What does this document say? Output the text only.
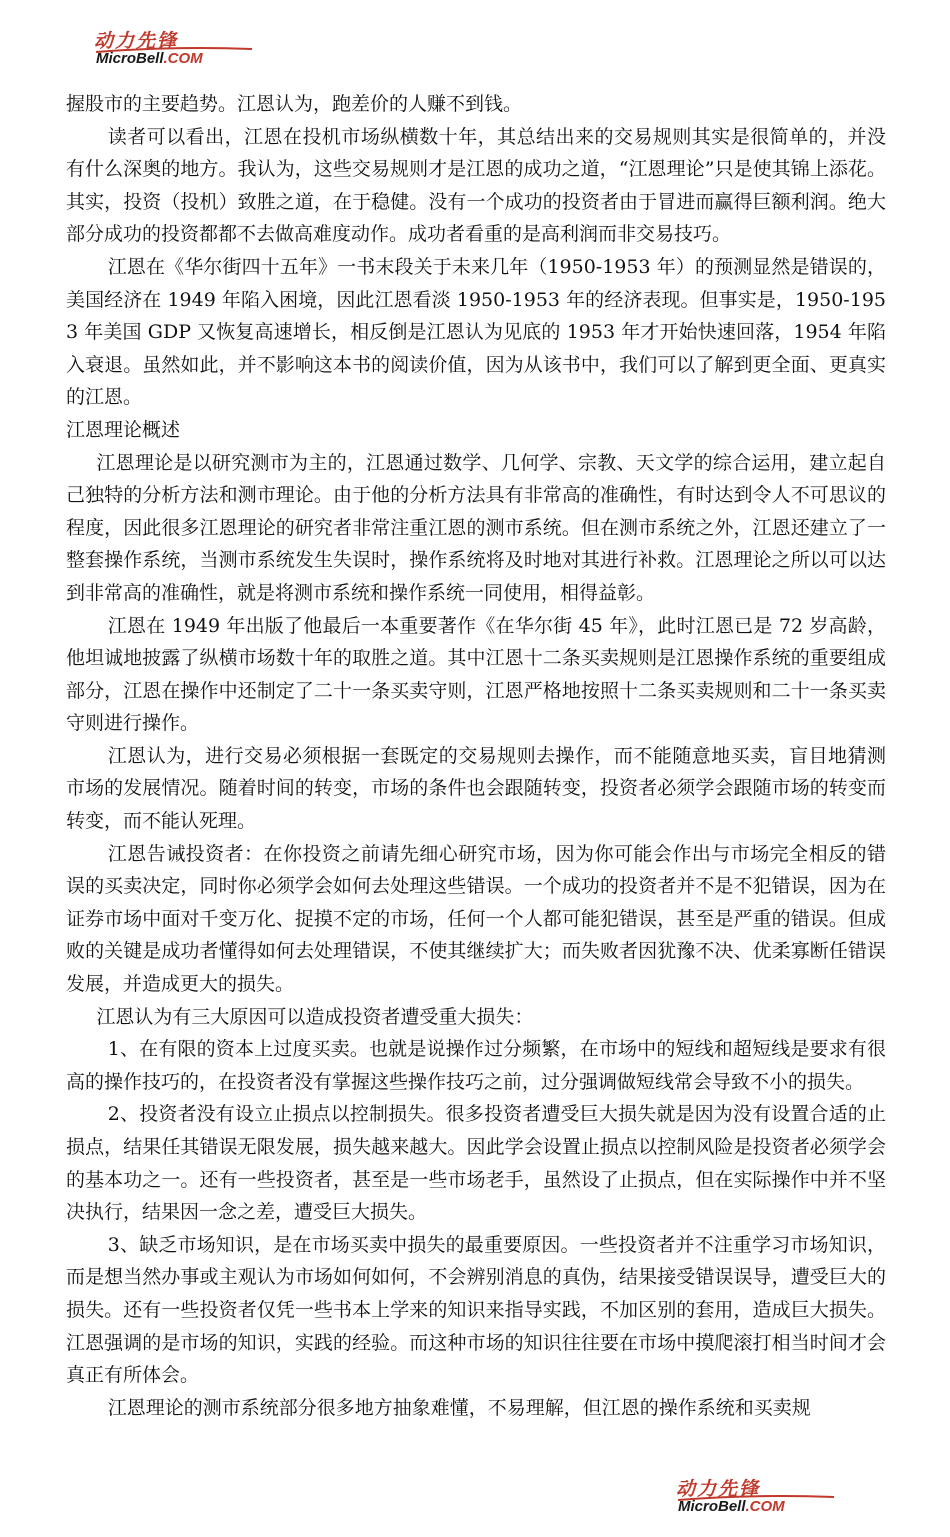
动力先锋
MicroBell.COM

握股市的主要趋势。江恩认为，跑差价的人赚不到钱。

读者可以看出，江恩在投机市场纵横数十年，其总结出来的交易规则其实是很简单的，并没有什么深奥的地方。我认为，这些交易规则才是江恩的成功之道，“江恩理论”只是使其锦上添花。其实，投资（投机）致胜之道，在于稳健。没有一个成功的投资者由于冒进而赢得巨额利润。绝大部分成功的投资都都不去做高难度动作。成功者看重的是高利润而非交易技巧。

江恩在《华尔街四十五年》一书末段关于未来几年（1950-1953 年）的预测显然是错误的，美国经济在 1949 年陷入困境，因此江恩看淡 1950-1953 年的经济表现。但事实是，1950-1953 年美国 GDP 又恢复高速增长，相反倒是江恩认为见底的 1953 年才开始快速回落，1954 年陷入衰退。虽然如此，并不影响这本书的阅读价值，因为从该书中，我们可以了解到更全面、更真实的江恩。

江恩理论概述

江恩理论是以研究测市为主的，江恩通过数学、几何学、宗教、天文学的综合运用，建立起自己独特的分析方法和测市理论。由于他的分析方法具有非常高的准确性，有时达到令人不可思议的程度，因此很多江恩理论的研究者非常注重江恩的测市系统。但在测市系统之外，江恩还建立了一整套操作系统，当测市系统发生失误时，操作系统将及时地对其进行补救。江恩理论之所以可以达到非常高的准确性，就是将测市系统和操作系统一同使用，相得益彰。

江恩在 1949 年出版了他最后一本重要著作《在华尔街 45 年》，此时江恩已是 72 岁高龄，他坦诚地披露了纵横市场数十年的取胜之道。其中江恩十二条买卖规则是江恩操作系统的重要组成部分，江恩在操作中还制定了二十一条买卖守则，江恩严格地按照十二条买卖规则和二十一条买卖守则进行操作。

江恩认为，进行交易必须根据一套既定的交易规则去操作，而不能随意地买卖，盲目地猜测市场的发展情况。随着时间的转变，市场的条件也会跟随转变，投资者必须学会跟随市场的转变而转变，而不能认死理。

江恩告诫投资者：在你投资之前请先细心研究市场，因为你可能会作出与市场完全相反的错误的买卖决定，同时你必须学会如何去处理这些错误。一个成功的投资者并不是不犯错误，因为在证券市场中面对千变万化、捉摸不定的市场，任何一个人都可能犯错误，甚至是严重的错误。但成败的关键是成功者懂得如何去处理错误，不使其继续扩大；而失败者因犹豫不决、优柔寡断任错误发展，并造成更大的损失。

江恩认为有三大原因可以造成投资者遭受重大损失：

1、在有限的资本上过度买卖。也就是说操作过分频繁，在市场中的短线和超短线是要求有很高的操作技巧的，在投资者没有掌握这些操作技巧之前，过分强调做短线常会导致不小的损失。

2、投资者没有设立止损点以控制损失。很多投资者遭受巨大损失就是因为没有设置合适的止损点，结果任其错误无限发展，损失越来越大。因此学会设置止损点以控制风险是投资者必须学会的基本功之一。还有一些投资者，甚至是一些市场老手，虽然设了止损点，但在实际操作中并不坚决执行，结果因一念之差，遭受巨大损失。

3、缺乏市场知识，是在市场买卖中损失的最重要原因。一些投资者并不注重学习市场知识，而是想当然办事或主观认为市场如何如何，不会辨别消息的真伪，结果接受错误误导，遭受巨大的损失。还有一些投资者仅凭一些书本上学来的知识来指导实践，不加区别的套用，造成巨大损失。江恩强调的是市场的知识，实践的经验。而这种市场的知识往往要在市场中摸爬滚打相当时间才会真正有所体会。

江恩理论的测市系统部分很多地方抽象难懂，不易理解，但江恩的操作系统和买卖规

动力先锋
MicroBell.COM
